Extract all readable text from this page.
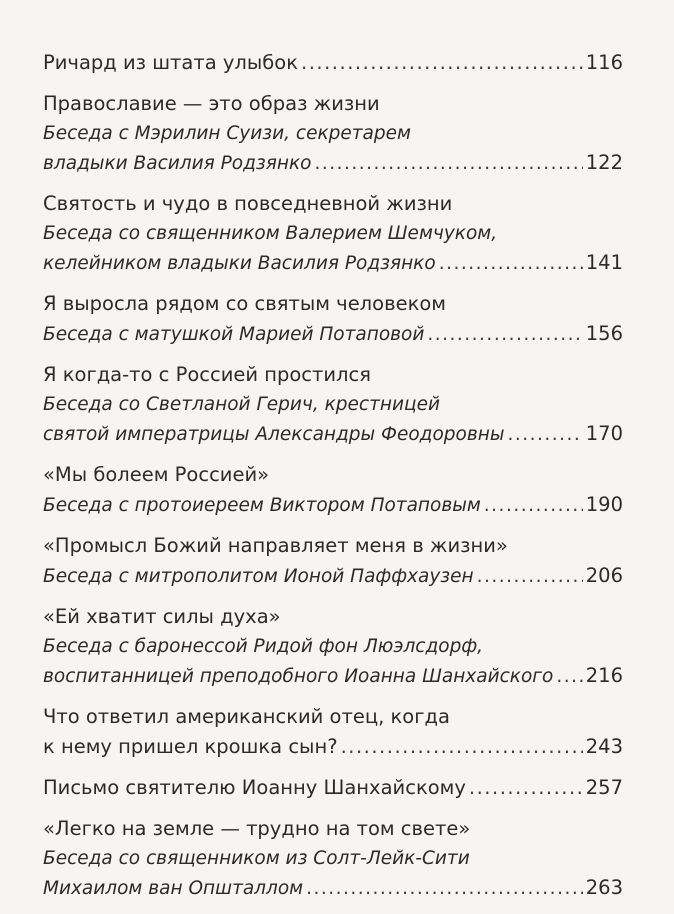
Ричард из штата улыбок .....	116
Православие — это образ жизни
Беседа с Мэрилин Суизи, секретарем
владыки Василия Родзянко .....	122
Святость и чудо в повседневной жизни
Беседа со священником Валерием Шемчуком,
келейником владыки Василия Родзянко .....	141
Я выросла рядом со святым человеком
Беседа с матушкой Марией Потаповой .....	156
Я когда-то с Россией простился
Беседа со Светланой Герич, крестницей
святой императрицы Александры Феодоровны .....	170
«Мы болеем Россией»
Беседа с протоиереем Виктором Потаповым .....	190
«Промысл Божий направляет меня в жизни»
Беседа с митрополитом Ионой Паффхаузен .....	206
«Ей хватит силы духа»
Беседа с баронессой Ридой фон Люэлсдорф,
воспитанницей преподобного Иоанна Шанхайского ..... 216
Что ответил американский отец, когда
к нему пришел крошка сын? .....	243
Письмо святителю Иоанну Шанхайскому .....	257
«Легко на земле — трудно на том свете»
Беседа со священником из Солт-Лейк-Сити
Михаилом ван Општаллом .....	263
